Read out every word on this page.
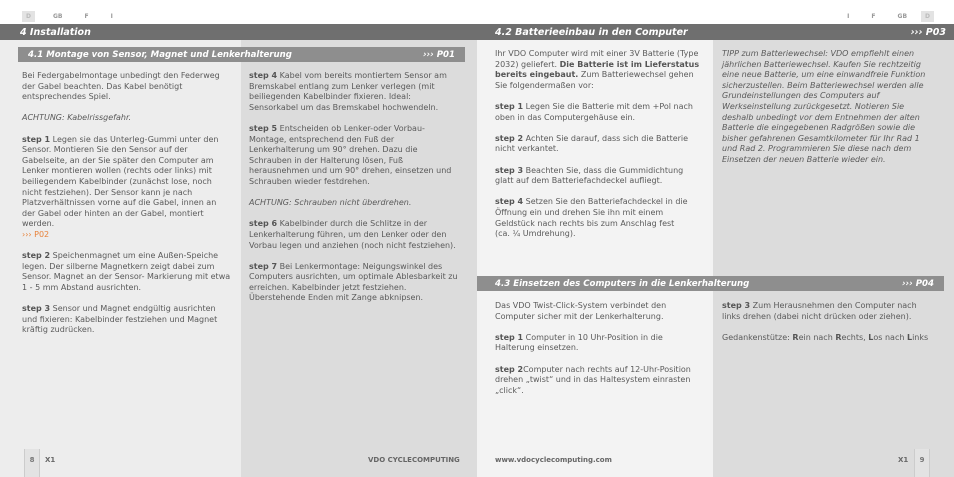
D	GB	F	I	I	F	GB	D
4 Installation	4.2 Batterieeinbau in den Computer	››› P03
4.1 Montage von Sensor, Magnet und Lenkerhalterung	››› P01

Bei Federgabelmontage unbedingt den Federweg der Gabel beachten. Das Kabel benötigt entsprechendes Spiel.

ACHTUNG: Kabelrissgefahr.

step 1 Legen sie das Unterleg-Gummi unter den Sensor. Montieren Sie den Sensor auf der Gabelseite, an der Sie später den Computer am Lenker montieren wollen (rechts oder links) mit beiliegendem Kabelbinder (zunächst lose, noch nicht festziehen). Der Sensor kann je nach Platzverhältnissen vorne auf die Gabel, innen an der Gabel oder hinten an der Gabel, montiert werden.
››› P02

step 2 Speichenmagnet um eine Außen-Speiche legen. Der silberne Magnetkern zeigt dabei zum Sensor. Magnet an der Sensor- Markierung mit etwa 1 - 5 mm Abstand ausrichten.

step 3 Sensor und Magnet endgültig ausrichten und fixieren: Kabelbinder festziehen und Magnet kräftig zudrücken.

step 4 Kabel vom bereits montiertem Sensor am Bremskabel entlang zum Lenker verlegen (mit beiliegenden Kabelbinder fixieren. Ideal: Sensorkabel um das Bremskabel hochwendeln.

step 5 Entscheiden ob Lenker-oder Vorbau-Montage, entsprechend den Fuß der Lenkerhalterung um 90° drehen. Dazu die Schrauben in der Halterung lösen, Fuß herausnehmen und um 90° drehen, einsetzen und Schrauben wieder festdrehen.

ACHTUNG: Schrauben nicht überdrehen.

step 6 Kabelbinder durch die Schlitze in der Lenkerhalterung führen, um den Lenker oder den Vorbau legen und anziehen (noch nicht festziehen).

step 7 Bei Lenkermontage: Neigungswinkel des Computers ausrichten, um optimale Ablesbarkeit zu erreichen. Kabelbinder jetzt festziehen. Überstehende Enden mit Zange abknipsen.

Ihr VDO Computer wird mit einer 3V Batterie (Type 2032) geliefert. Die Batterie ist im Lieferstatus bereits eingebaut. Zum Batteriewechsel gehen Sie folgendermaßen vor:

step 1 Legen Sie die Batterie mit dem +Pol nach oben in das Computergehäuse ein.

step 2 Achten Sie darauf, dass sich die Batterie nicht verkantet.

step 3 Beachten Sie, dass die Gummidichtung glatt auf dem Batteriefachdeckel aufliegt.

step 4 Setzen Sie den Batteriefachdeckel in die Öffnung ein und drehen Sie ihn mit einem Geldstück nach rechts bis zum Anschlag fest
(ca. ¼ Umdrehung).

TIPP zum Batteriewechsel: VDO empfiehlt einen jährlichen Batteriewechsel. Kaufen Sie rechtzeitig eine neue Batterie, um eine einwandfreie Funktion sicherzustellen. Beim Batteriewechsel werden alle Grundeinstellungen des Computers auf Werkseinstellung zurückgesetzt. Notieren Sie deshalb unbedingt vor dem Entnehmen der alten Batterie die eingegebenen Radgrößen sowie die bisher gefahrenen Gesamtkilometer für Ihr Rad 1 und Rad 2. Programmieren Sie diese nach dem Einsetzen der neuen Batterie wieder ein.
4.3 Einsetzen des Computers in die Lenkerhalterung	››› P04

Das VDO Twist-Click-System verbindet den Computer sicher mit der Lenkerhalterung.

step 1 Computer in 10 Uhr-Position in die Halterung einsetzen.

step 2Computer nach rechts auf 12-Uhr-Position drehen „twist“ und in das Haltesystem einrasten „click“.

step 3 Zum Herausnehmen den Computer nach links drehen (dabei nicht drücken oder ziehen).

Gedankenstütze: Rein nach Rechts, Los nach Links

8	X1	VDO CYCLECOMPUTING	www.vdocyclecomputing.com	X1	9
